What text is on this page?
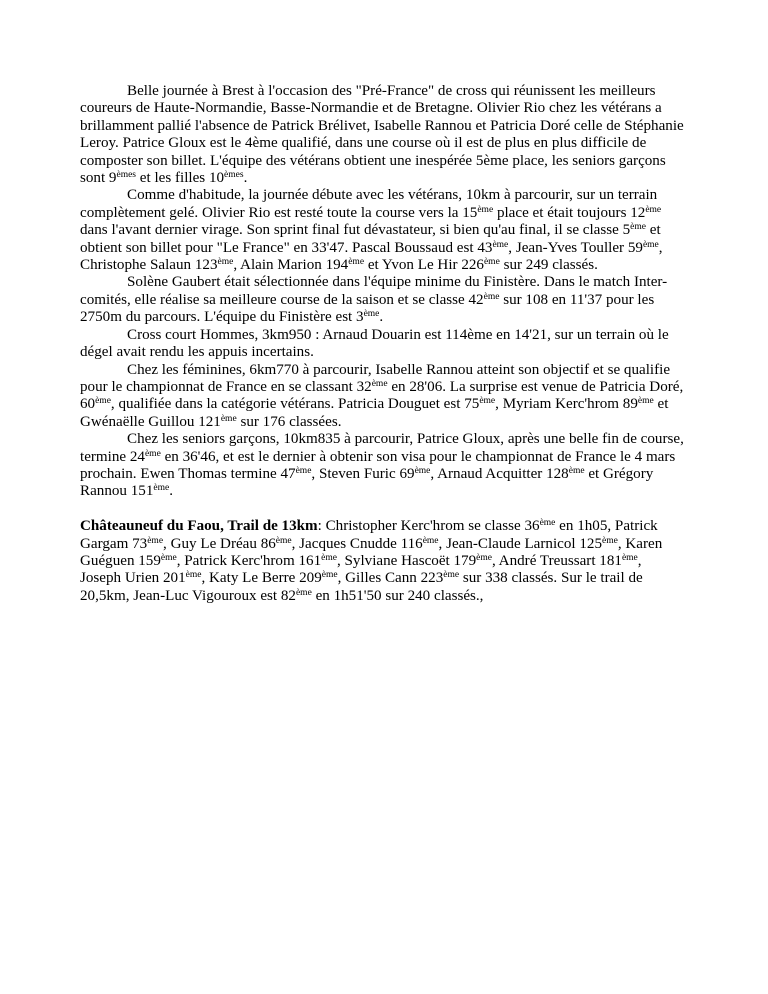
Belle journée à Brest à l'occasion des "Pré-France" de cross qui réunissent les meilleurs coureurs de Haute-Normandie, Basse-Normandie et de Bretagne. Olivier Rio chez les vétérans a brillamment pallié l'absence de Patrick Brélivet, Isabelle Rannou et Patricia Doré celle de Stéphanie Leroy. Patrice Gloux est le 4ème qualifié, dans une course où il est de plus en plus difficile de composter son billet. L'équipe des vétérans obtient une inespérée 5ème place, les seniors garçons sont 9èmes et les filles 10èmes.

Comme d'habitude, la journée débute avec les vétérans, 10km à parcourir, sur un terrain complètement gelé. Olivier Rio est resté toute la course vers la 15ème place et était toujours 12ème dans l'avant dernier virage. Son sprint final fut dévastateur, si bien qu'au final, il se classe 5ème et obtient son billet pour "Le France" en 33'47. Pascal Boussaud est 43ème, Jean-Yves Touller 59ème, Christophe Salaun 123ème, Alain Marion 194ème et Yvon Le Hir 226ème sur 249 classés.

Solène Gaubert était sélectionnée dans l'équipe minime du Finistère. Dans le match Inter-comités, elle réalise sa meilleure course de la saison et se classe 42ème sur 108 en 11'37 pour les 2750m du parcours. L'équipe du Finistère est 3ème.

Cross court Hommes, 3km950 : Arnaud Douarin est 114ème en 14'21, sur un terrain où le dégel avait rendu les appuis incertains.

Chez les féminines, 6km770 à parcourir, Isabelle Rannou atteint son objectif et se qualifie pour le championnat de France en se classant 32ème en 28'06. La surprise est venue de Patricia Doré, 60ème, qualifiée dans la catégorie vétérans. Patricia Douguet est 75ème, Myriam Kerc'hrom 89ème et Gwénaëlle Guillou 121ème sur 176 classées.

Chez les seniors garçons, 10km835 à parcourir, Patrice Gloux, après une belle fin de course, termine 24ème en 36'46, et est le dernier à obtenir son visa pour le championnat de France le 4 mars prochain. Ewen Thomas termine 47ème, Steven Furic 69ème, Arnaud Acquitter 128ème et Grégory Rannou 151ème.

Châteauneuf du Faou, Trail de 13km: Christopher Kerc'hrom se classe 36ème en 1h05, Patrick Gargam 73ème, Guy Le Dréau 86ème, Jacques Cnudde 116ème, Jean-Claude Larnicol 125ème, Karen Guéguen 159ème, Patrick Kerc'hrom 161ème, Sylviane Hascoët 179ème, André Treussart 181ème, Joseph Urien 201ème, Katy Le Berre 209ème, Gilles Cann 223ème sur 338 classés. Sur le trail de 20,5km, Jean-Luc Vigouroux est 82ème en 1h51'50 sur 240 classés.,
